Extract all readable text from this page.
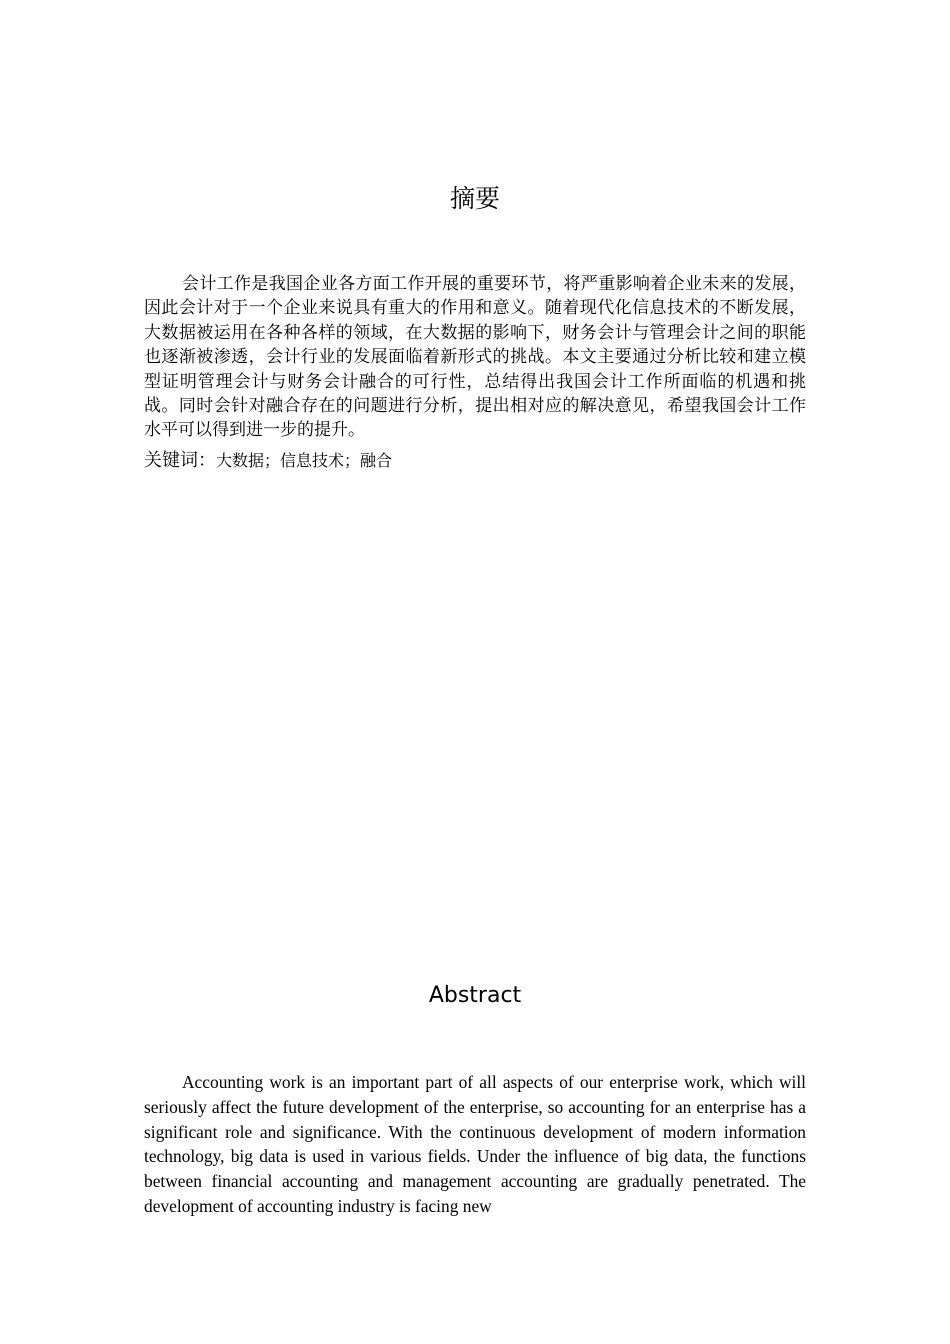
摘要

会计工作是我国企业各方面工作开展的重要环节，将严重影响着企业未来的发展，因此会计对于一个企业来说具有重大的作用和意义。随着现代化信息技术的不断发展，大数据被运用在各种各样的领域，在大数据的影响下，财务会计与管理会计之间的职能也逐渐被渗透，会计行业的发展面临着新形式的挑战。本文主要通过分析比较和建立模型证明管理会计与财务会计融合的可行性，总结得出我国会计工作所面临的机遇和挑战。同时会针对融合存在的问题进行分析，提出相对应的解决意见，希望我国会计工作水平可以得到进一步的提升。

关键词：大数据；信息技术；融合

Abstract

Accounting work is an important part of all aspects of our enterprise work, which will seriously affect the future development of the enterprise, so accounting for an enterprise has a significant role and significance. With the continuous development of modern information technology, big data is used in various fields. Under the influence of big data, the functions between financial accounting and management accounting are gradually penetrated. The development of accounting industry is facing new
